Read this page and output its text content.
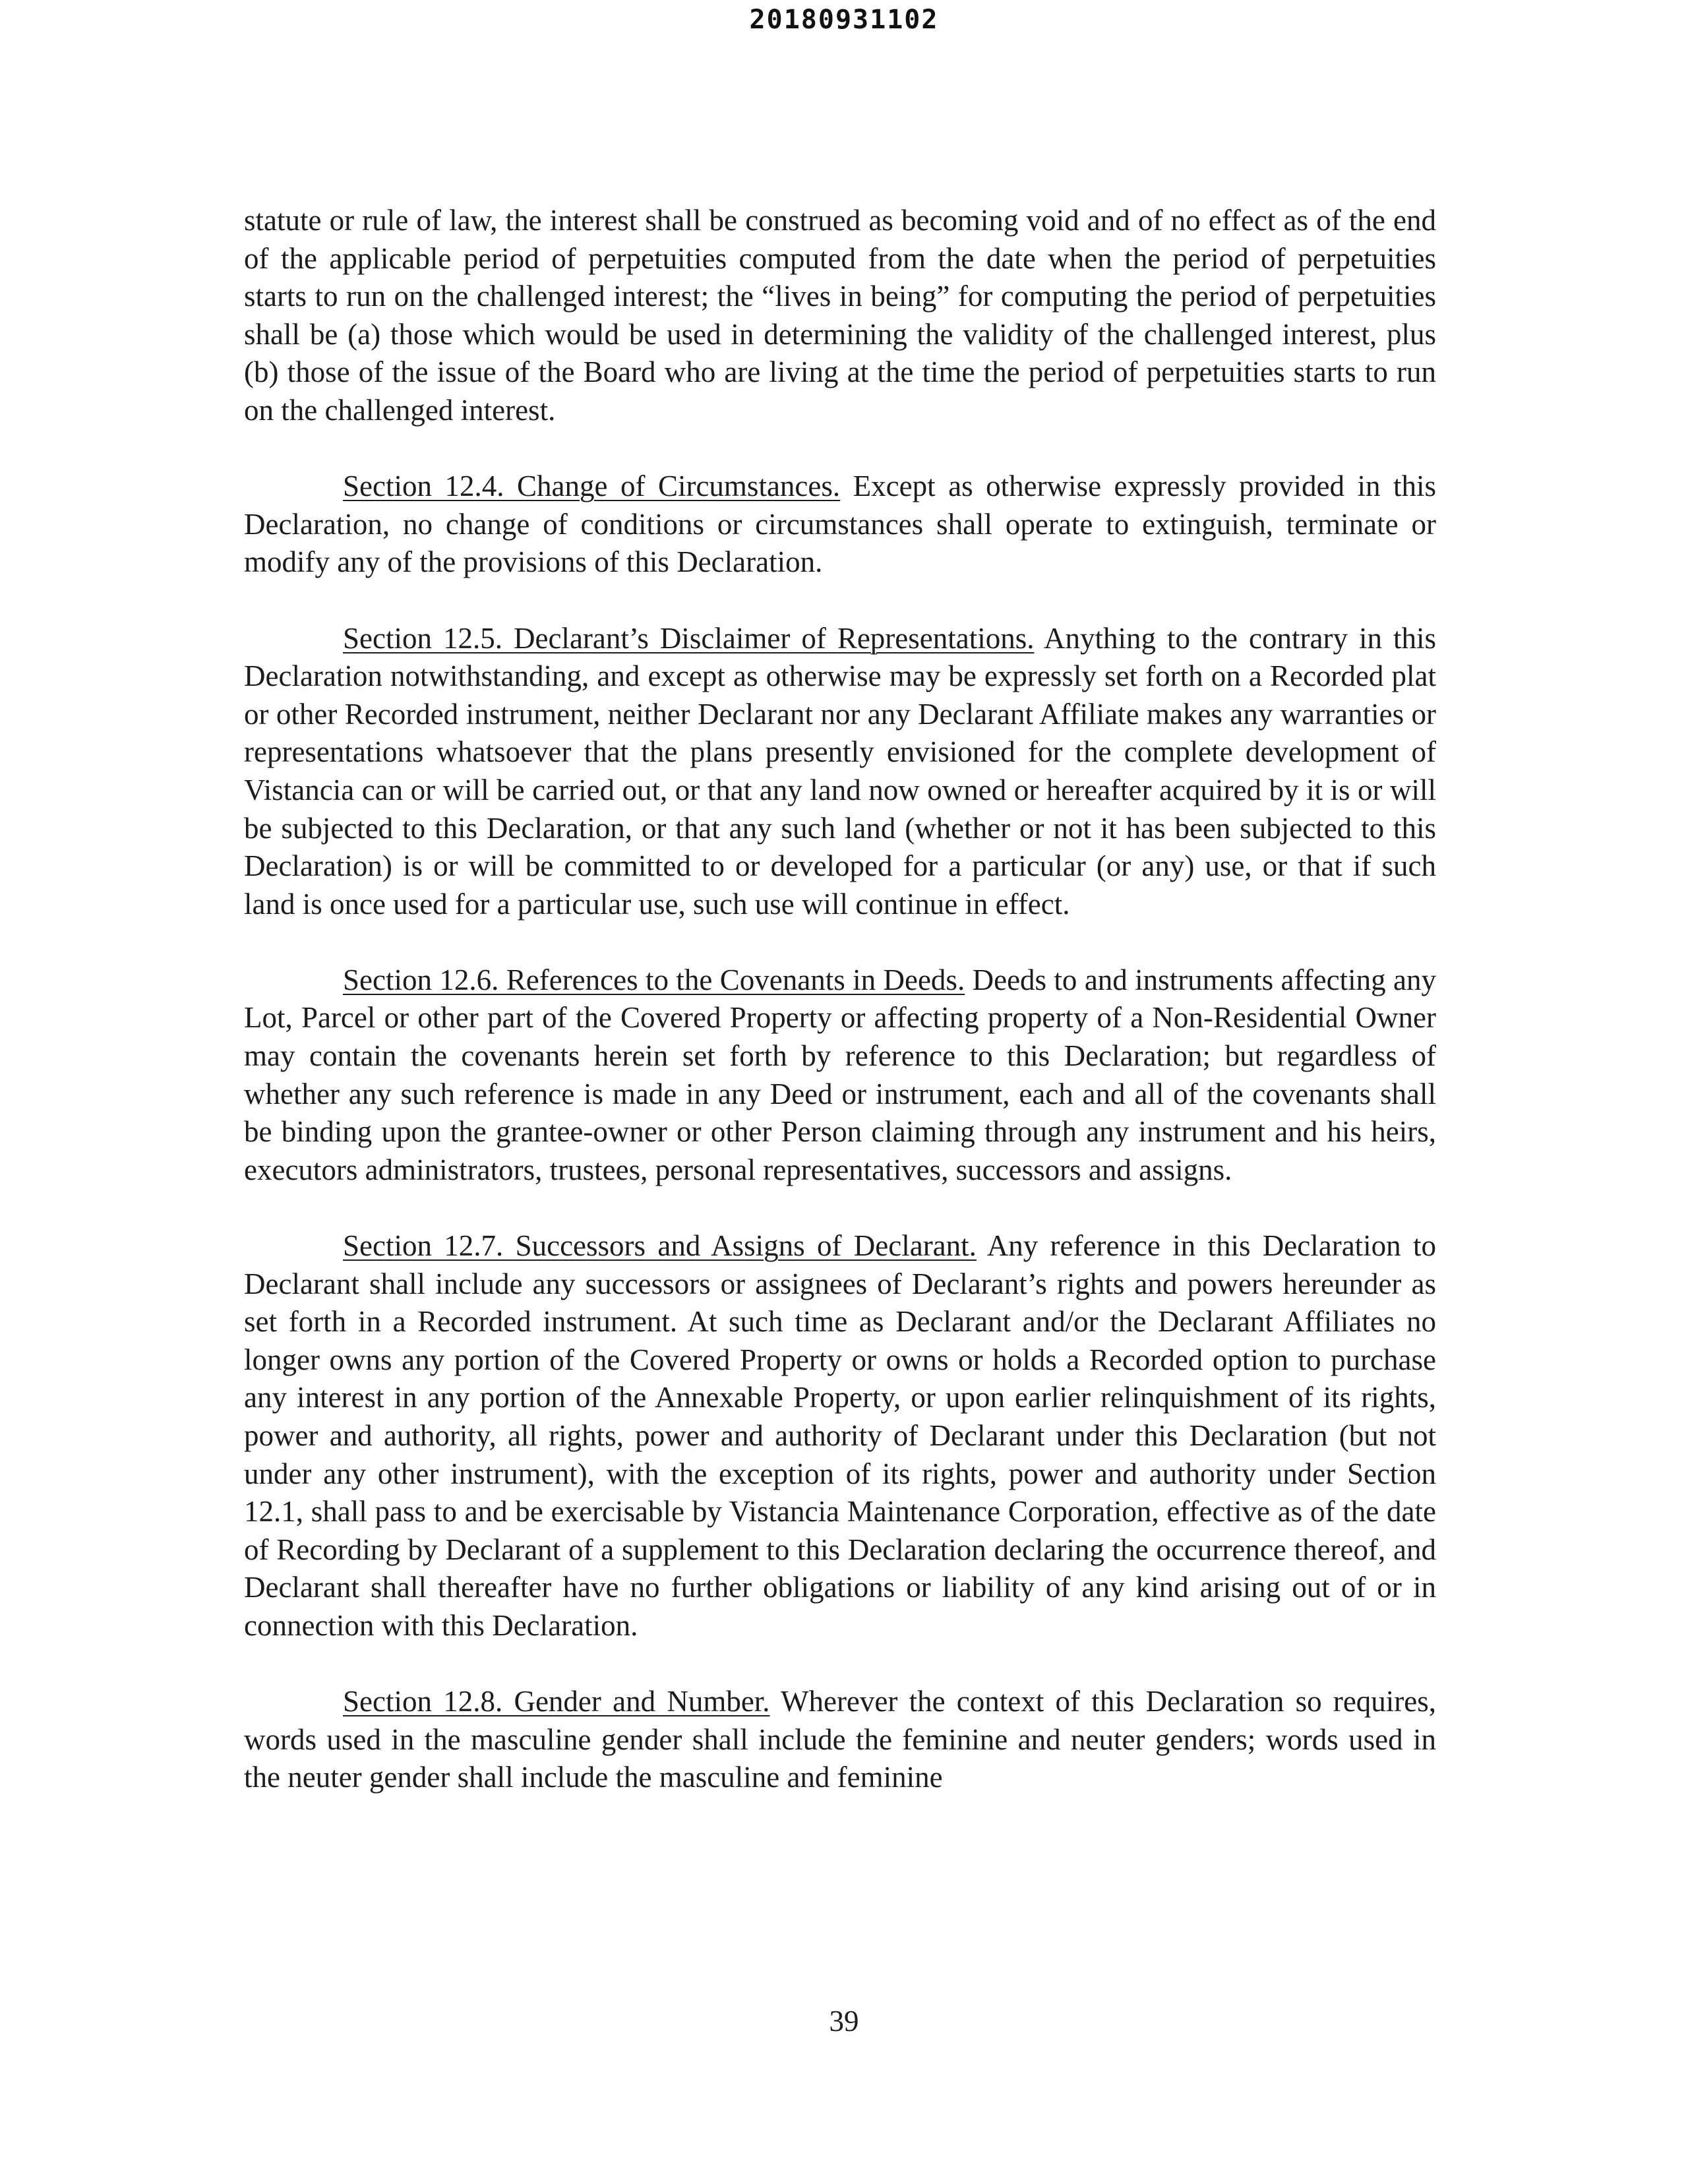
20180931102

statute or rule of law, the interest shall be construed as becoming void and of no effect as of the end of the applicable period of perpetuities computed from the date when the period of perpetuities starts to run on the challenged interest; the “lives in being” for computing the period of perpetuities shall be (a) those which would be used in determining the validity of the challenged interest, plus (b) those of the issue of the Board who are living at the time the period of perpetuities starts to run on the challenged interest.

Section 12.4. Change of Circumstances. Except as otherwise expressly provided in this Declaration, no change of conditions or circumstances shall operate to extinguish, terminate or modify any of the provisions of this Declaration.

Section 12.5. Declarant’s Disclaimer of Representations. Anything to the contrary in this Declaration notwithstanding, and except as otherwise may be expressly set forth on a Recorded plat or other Recorded instrument, neither Declarant nor any Declarant Affiliate makes any warranties or representations whatsoever that the plans presently envisioned for the complete development of Vistancia can or will be carried out, or that any land now owned or hereafter acquired by it is or will be subjected to this Declaration, or that any such land (whether or not it has been subjected to this Declaration) is or will be committed to or developed for a particular (or any) use, or that if such land is once used for a particular use, such use will continue in effect.

Section 12.6. References to the Covenants in Deeds. Deeds to and instruments affecting any Lot, Parcel or other part of the Covered Property or affecting property of a Non-Residential Owner may contain the covenants herein set forth by reference to this Declaration; but regardless of whether any such reference is made in any Deed or instrument, each and all of the covenants shall be binding upon the grantee-owner or other Person claiming through any instrument and his heirs, executors administrators, trustees, personal representatives, successors and assigns.

Section 12.7. Successors and Assigns of Declarant. Any reference in this Declaration to Declarant shall include any successors or assignees of Declarant’s rights and powers hereunder as set forth in a Recorded instrument. At such time as Declarant and/or the Declarant Affiliates no longer owns any portion of the Covered Property or owns or holds a Recorded option to purchase any interest in any portion of the Annexable Property, or upon earlier relinquishment of its rights, power and authority, all rights, power and authority of Declarant under this Declaration (but not under any other instrument), with the exception of its rights, power and authority under Section 12.1, shall pass to and be exercisable by Vistancia Maintenance Corporation, effective as of the date of Recording by Declarant of a supplement to this Declaration declaring the occurrence thereof, and Declarant shall thereafter have no further obligations or liability of any kind arising out of or in connection with this Declaration.

Section 12.8. Gender and Number. Wherever the context of this Declaration so requires, words used in the masculine gender shall include the feminine and neuter genders; words used in the neuter gender shall include the masculine and feminine

39
